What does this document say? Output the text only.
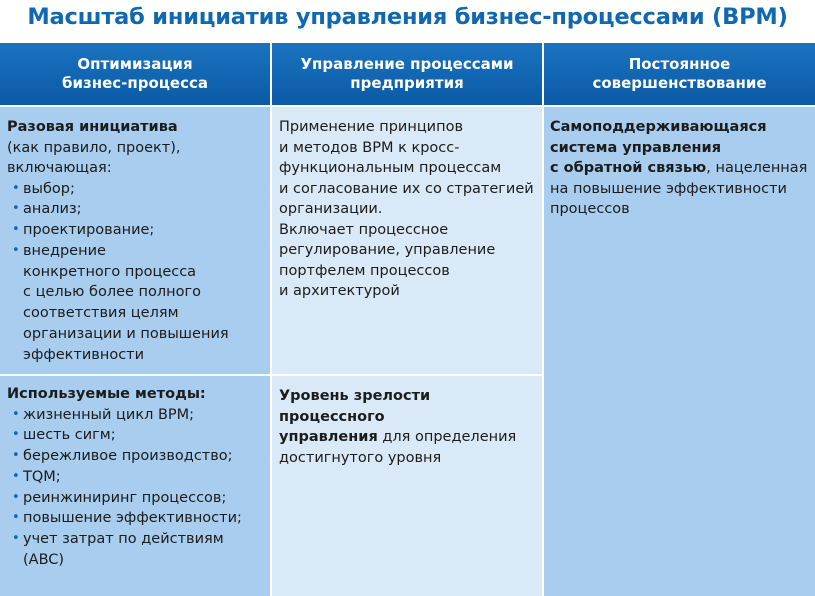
Масштаб инициатив управления бизнес-процессами (BPM)
Оптимизация
бизнес-процесса
Управление процессами
предприятия
Постоянное
совершенствование
Разовая инициатива
(как правило, проект),
включающая:
• выбор;
• анализ;
• проектирование;
• внедрение
конкретного процесса
с целью более полного
соответствия целям
организации и повышения
эффективности
Используемые методы:
• жизненный цикл BPM;
• шесть сигм;
• бережливое производство;
• TQM;
• реинжиниринг процессов;
• повышение эффективности;
• учет затрат по действиям
(ABC)
Применение принципов
и методов BPM к кросс-
функциональным процессам
и согласование их со стратегией
организации.
Включает процессное
регулирование, управление
портфелем процессов
и архитектурой
Уровень зрелости процессного
управления для определения
достигнутого уровня
Самоподдерживающаяся
система управления
с обратной связью, нацеленная
на повышение эффективности
процессов
